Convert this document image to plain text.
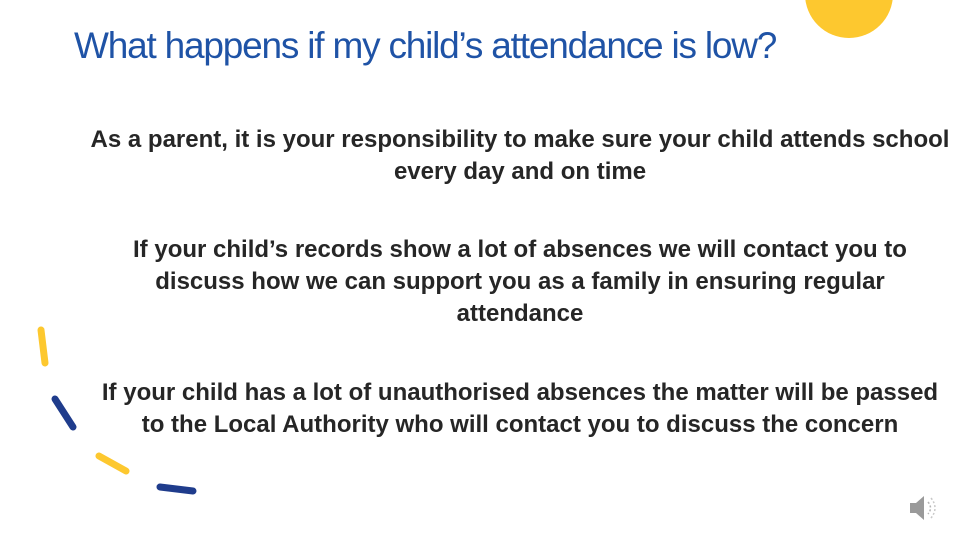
What happens if my child’s attendance is low?

As a parent, it is your responsibility to make sure your child attends school every day and on time

If your child’s records show a lot of absences we will contact you to discuss how we can support you as a family in ensuring regular attendance

If your child has a lot of unauthorised absences the matter will be passed to the Local Authority who will contact you to discuss the concern
